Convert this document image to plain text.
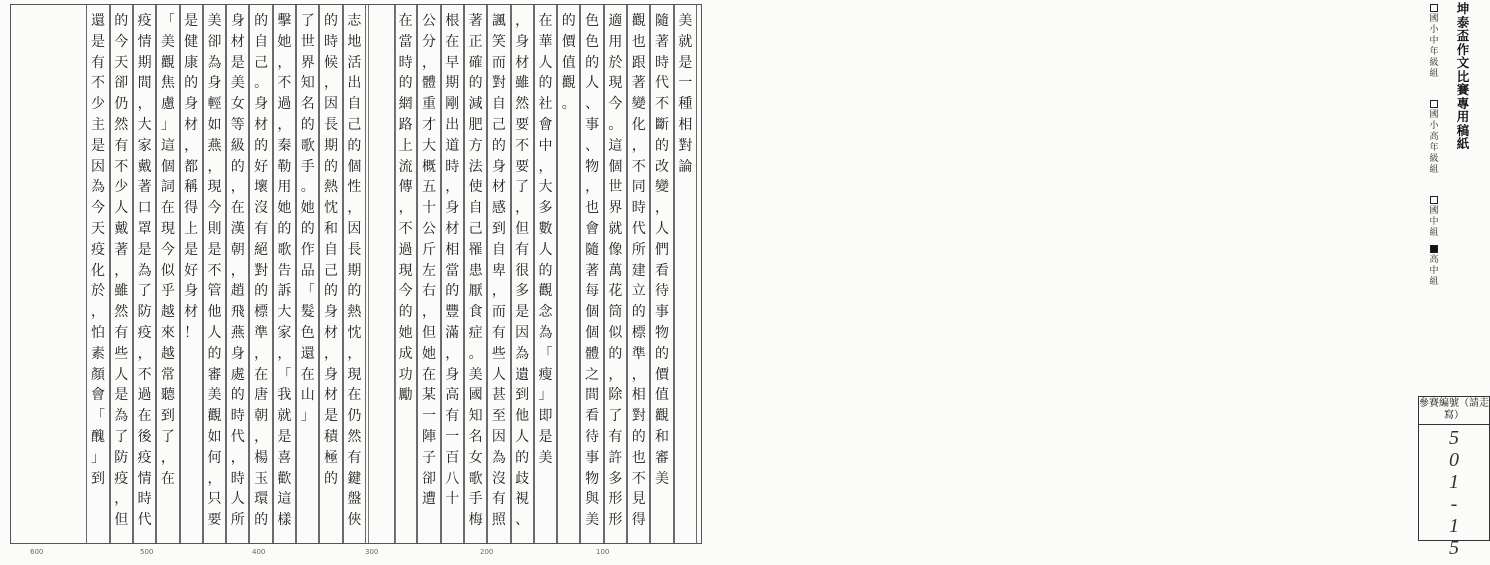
美
就
是
一
種
相
對
論
隨
著
時
代
不
斷
的
改
變
，
人
們
看
待
事
物
的
價
值
觀
和
審
美
觀
也
跟
著
變
化
，
不
同
時
代
所
建
立
的
標
準
，
相
對
的
也
不
見
得
適
用
於
現
今
。
這
個
世
界
就
像
萬
花
筒
似
的
，
除
了
有
許
多
形
形
色
色
的
人
、
事
、
物
，
也
會
隨
著
每
個
個
體
之
間
看
待
事
物
與
美
的
價
值
觀
。
在
華
人
的
社
會
中
，
大
多
數
人
的
觀
念
為
「
瘦
」
即
是
美
，
身
材
雖
然
要
不
要
了
，
但
有
很
多
是
因
為
遺
到
他
人
的
歧
視
、
諷
笑
而
對
自
己
的
身
材
感
到
自
卑
，
而
有
些
人
甚
至
因
為
沒
有
照
著
正
確
的
減
肥
方
法
使
自
己
罹
患
厭
食
症
。
美
國
知
名
女
歌
手
梅
根
在
早
期
剛
出
道
時
，
身
材
相
當
的
豐
滿
，
身
高
有
一
百
八
十
公
分
，
體
重
才
大
概
五
十
公
斤
左
右
，
但
她
在
某
一
陣
子
卻
遭
在
當
時
的
網
路
上
流
傳
，
不
過
現
今
的
她
成
功
勵
志
地
活
出
自
己
的
個
性
，
因
長
期
的
熱
忱
，
現
在
仍
然
有
鍵
盤
俠
的
時
候
，
因
長
期
的
熱
忱
和
自
己
的
身
材
，
身
材
是
積
極
的
了
世
界
知
名
的
歌
手
。
她
的
作
品
「
髮
色
還
在
山
」
擊
她
，
不
過
，
秦
勒
用
她
的
歌
告
訴
大
家
，
「
我
就
是
喜
歡
這
樣
的
自
己
。
身
材
的
好
壞
沒
有
絕
對
的
標
準
，
在
唐
朝
，
楊
玉
環
的
身
材
是
美
女
等
級
的
，
在
漢
朝
，
趙
飛
燕
身
處
的
時
代
，
時
人
所
美
卻
為
身
輕
如
燕
，
現
今
則
是
不
管
他
人
的
審
美
觀
如
何
，
只
要
是
健
康
的
身
材
，
都
稱
得
上
是
好
身
材
！
「
美
觀
焦
慮
」
這
個
詞
在
現
今
似
乎
越
來
越
常
聽
到
了
，
在
疫
情
期
間
，
大
家
戴
著
口
罩
是
為
了
防
疫
，
不
過
在
後
疫
情
時
代
的
今
天
卻
仍
然
有
不
少
人
戴
著
，
雖
然
有
些
人
是
為
了
防
疫
，
但
還
是
有
不
少
主
是
因
為
今
天
疫
化
於
，
怕
素
顏
會
「
醜
」
到
坤泰盃作文比賽專用稿紙
國小中年級組
國小高年級組
國中組
高中組
參賽編號（請走寫）
5
0
1
-
1
5
600	500	400	300	200	100
